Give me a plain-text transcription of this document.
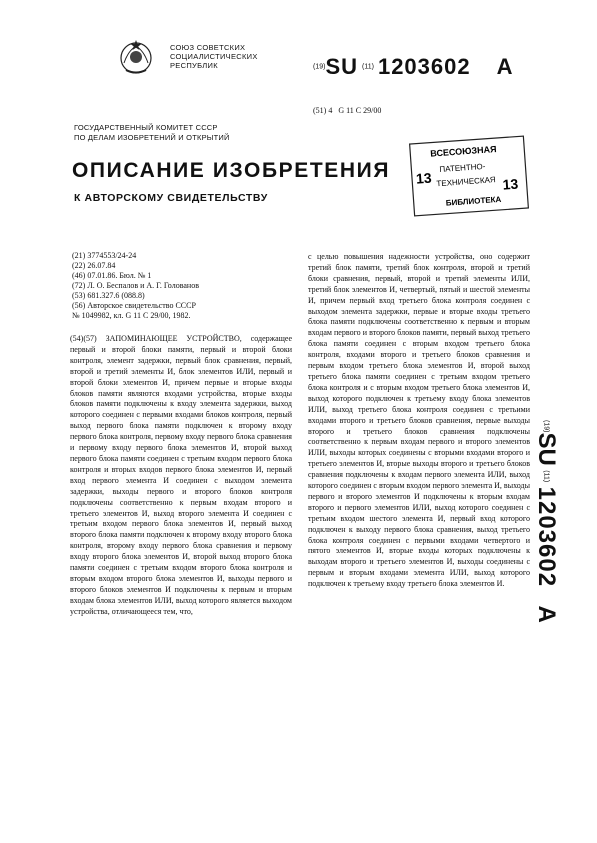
СОЮЗ СОВЕТСКИХ
СОЦИАЛИСТИЧЕСКИХ
РЕСПУБЛИК	(19)SU (11) 1203602 A
(51) 4 G 11 C 29/00
ГОСУДАРСТВЕННЫЙ КОМИТЕТ СССР
ПО ДЕЛАМ ИЗОБРЕТЕНИЙ И ОТКРЫТИЙ
ОПИСАНИЕ ИЗОБРЕТЕНИЯ
К АВТОРСКОМУ СВИДЕТЕЛЬСТВУ
ВСЕСОЮЗНАЯ
ПАТЕНТНО-
ТЕХНИЧЕСКАЯ
БИБЛИОТЕКА
13	13
(21) 3774553/24-24
(22) 26.07.84
(46) 07.01.86. Бюл. № 1
(72) Л. О. Беспалов и А. Г. Голованов
(53) 681.327.6 (088.8)
(56) Авторское свидетельство СССР
№ 1049982, кл. G 11 C 29/00, 1982.

(54)(57) ЗАПОМИНАЮЩЕЕ УСТРОЙСТВО, содержащее первый и второй блоки памяти, первый и второй блоки контроля, элемент задержки, первый блок сравнения, первый, второй и третий элементы И, блок элементов ИЛИ, первый и второй блоки элементов И, причем первые и вторые входы блоков памяти являются входами устройства, вторые входы блоков памяти подключены к входу элемента задержки, выход которого соединен с первыми входами блоков контроля, первый выход первого блока памяти подключен к второму входу первого блока контроля, первому входу первого блока сравнения и первому входу первого блока элементов И, второй выход первого блока памяти соединен с третьим входом первого блока контроля и вторых входов первого блока элементов И, первый вход первого элемента И соединен с выходом элемента задержки, выходы первого и второго блоков контроля подключены соответственно к первым входам второго и третьего элементов И, выход второго элемента И соединен с третьим входом первого блока элементов И, первый выход второго блока памяти подключен к второму входу второго блока контроля, второму входу первого блока сравнения и первому входу второго блока элементов И, второй выход второго блока памяти соединен с третьим входом второго блока контроля и вторым входом второго блока элементов И, выходы первого и второго блоков элементов И подключены к первым и вторым входам блока элементов ИЛИ, выход которого является выходом устройства, отличающееся тем, что,

с целью повышения надежности устройства, оно содержит третий блок памяти, третий блок контроля, второй и третий блоки сравнения, первый, второй и третий элементы ИЛИ, третий блок элементов И, четвертый, пятый и шестой элементы И, причем первый вход третьего блока контроля соединен с выходом элемента задержки, первые и вторые входы третьего блока памяти подключены соответственно к первым и вторым входам первого и второго блоков памяти, первый выход третьего блока памяти соединен с вторым входом третьего блока контроля, входами второго и третьего блоков сравнения и первым входом третьего блока элементов И, второй выход третьего блока памяти соединен с третьим входом третьего блока контроля и с вторым входом третьего блока элементов И, выход которого подключен к третьему входу блока элементов ИЛИ, выход третьего блока контроля соединен с третьими входами второго и третьего блоков сравнения, первые выходы второго и третьего блоков сравнения подключены соответственно к первым входам первого и второго элементов ИЛИ, выходы которых соединены с вторыми входами второго и третьего элементов И, вторые выходы второго и третьего блоков сравнения подключены к входам первого элемента ИЛИ, выход которого соединен с вторым входом первого элемента И, выходы первого и второго элементов И подключены к вторым входам второго и первого элементов ИЛИ, выход которого соединен с третьим входом шестого элемента И, первый вход которого подключен к выходу первого блока сравнения, выход третьего блока контроля соединен с первыми входами четвертого и пятого элементов И, вторые входы которых подключены к выходам второго и третьего элементов И, выходы соединены с первым и вторым входами элемента ИЛИ, выход которого подключен к третьему входу третьего блока элементов И.

(19)SU (11) 1203602 A
